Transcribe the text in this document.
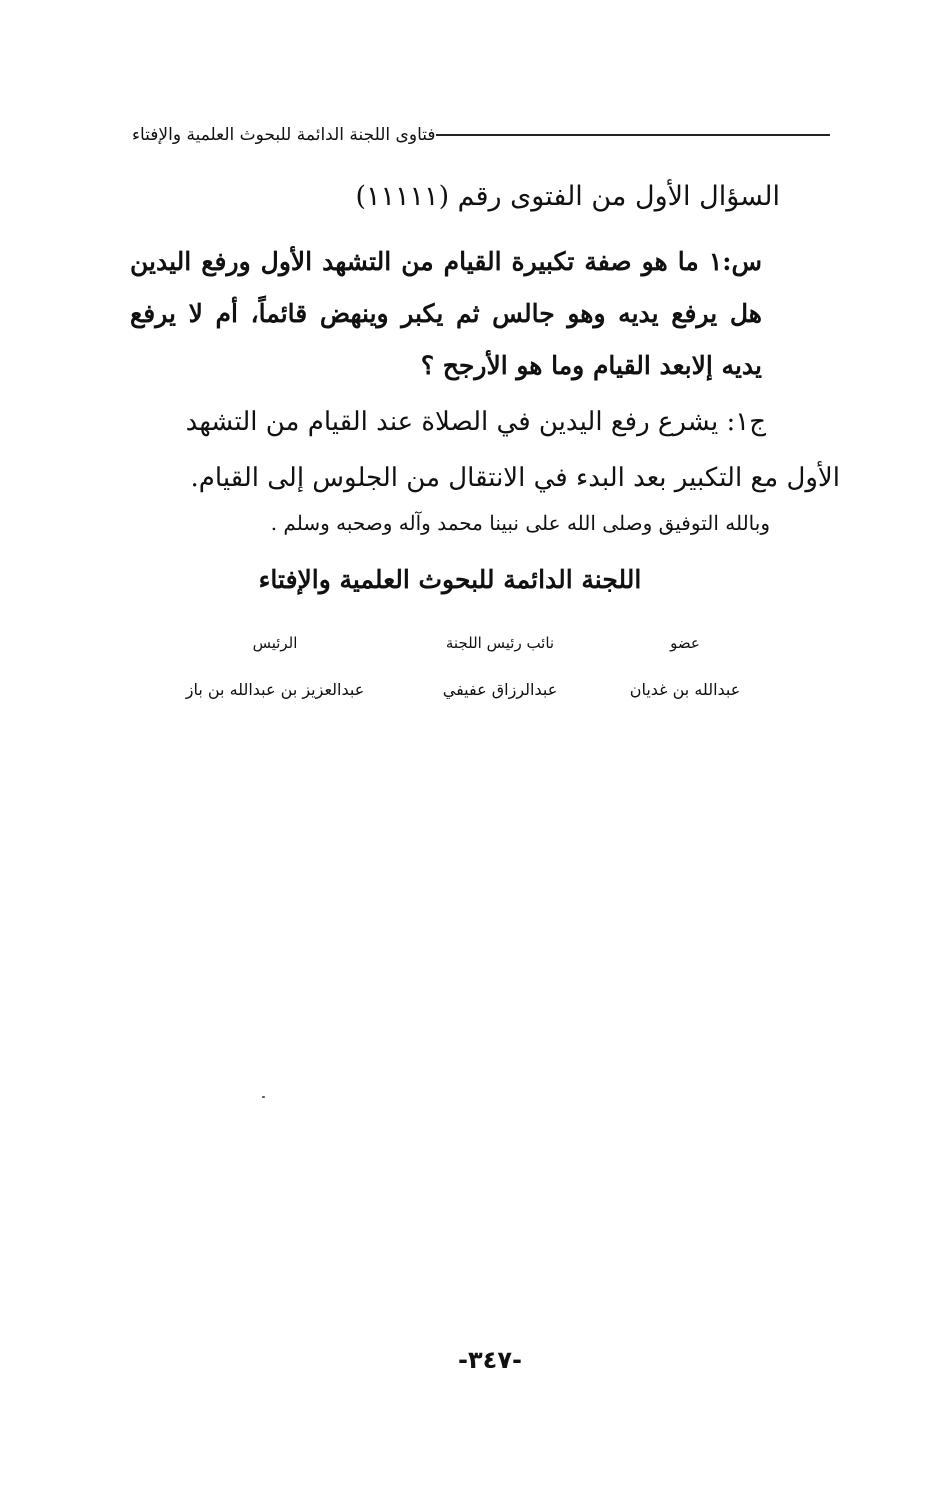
فتاوى اللجنة الدائمة للبحوث العلمية والإفتاء
السؤال الأول من الفتوى رقم (١١١١١)
س:١ ما هو صفة تكبيرة القيام من التشهد الأول ورفع اليدين هل يرفع يديه وهو جالس ثم يكبر وينهض قائماً، أم لا يرفع يديه إلابعد القيام وما هو الأرجح ؟
ج١: يشرع رفع اليدين في الصلاة عند القيام من التشهد
الأول مع التكبير بعد البدء في الانتقال من الجلوس إلى القيام.
وبالله التوفيق وصلى الله على نبينا محمد وآله وصحبه وسلم .
اللجنة الدائمة للبحوث العلمية والإفتاء
عضو
نائب رئيس اللجنة
الرئيس
عبدالله بن غديان
عبدالرزاق عفيفي
عبدالعزيز بن عبدالله بن باز
-٣٤٧-
